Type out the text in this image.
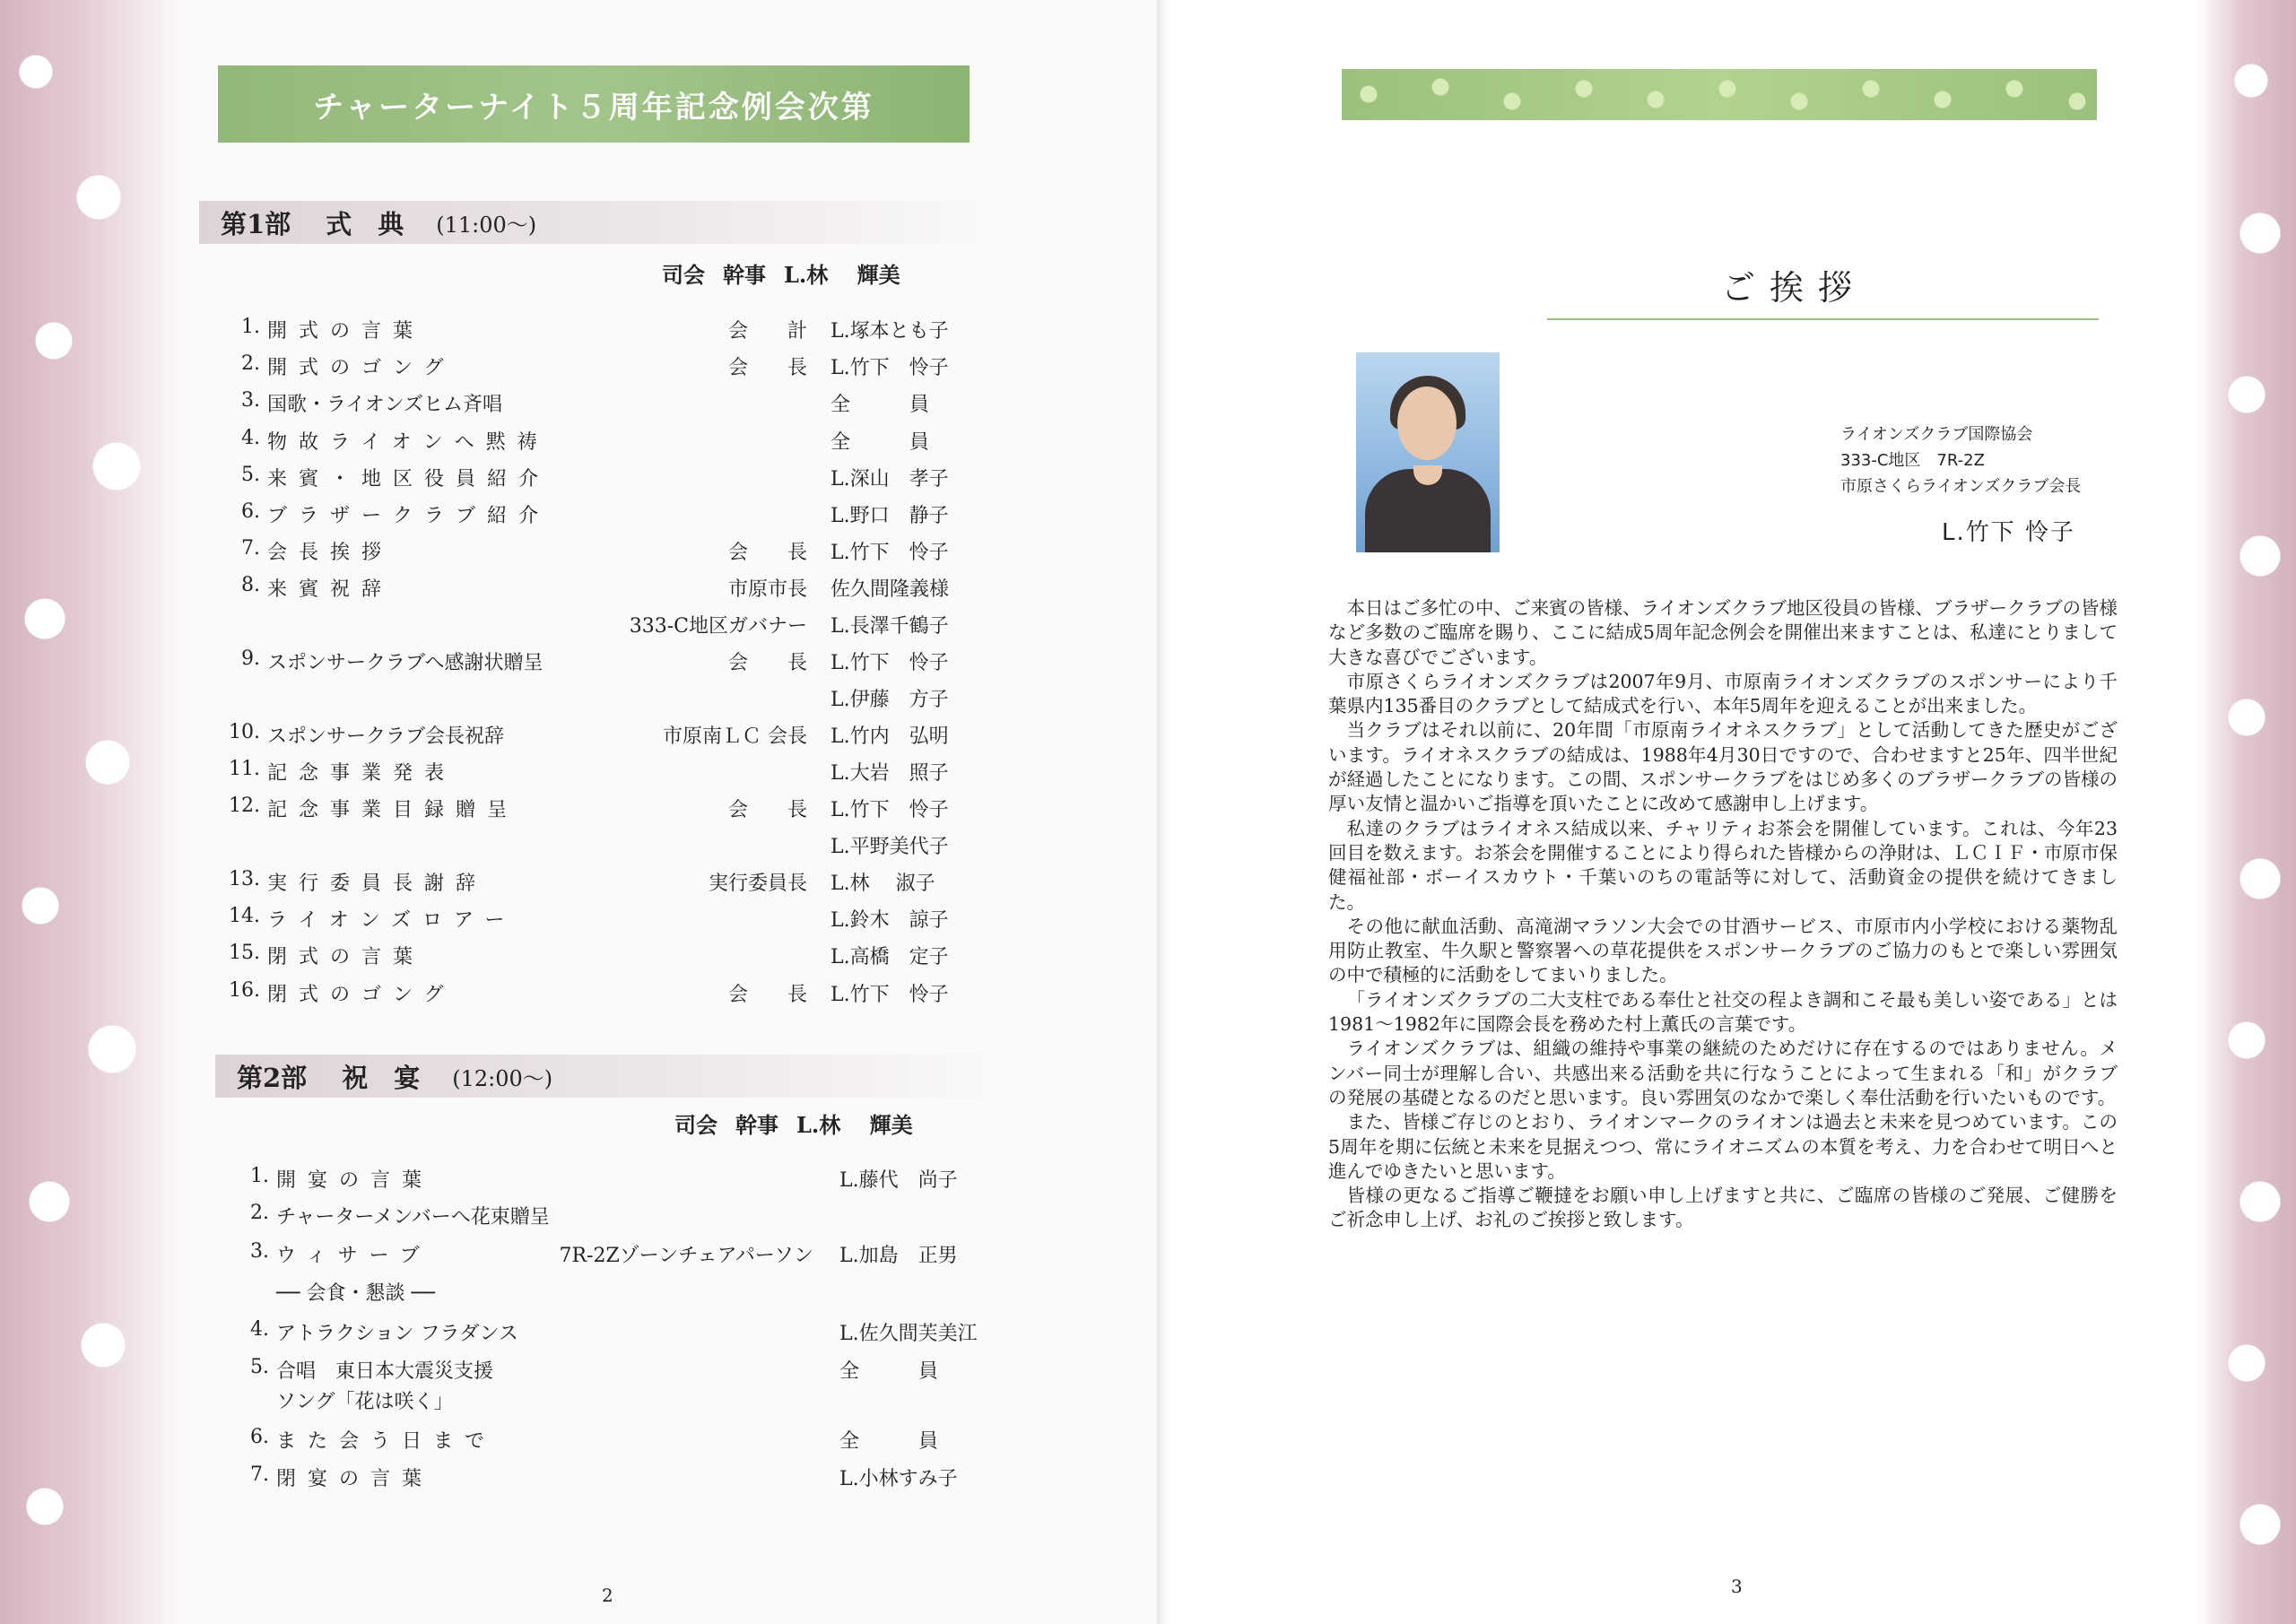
チャーターナイト５周年記念例会次第
第1部　 式　典 (11:00～)
司会 幹事 L.林　 輝美
1. 開式の言葉	会　　計 L.塚本とも子
2. 開式のゴング	会　　長 L.竹下　怜子
3. 国歌・ライオンズヒム斉唱	全　　　員
4. 物故ライオンへ黙祷	全　　　員
5. 来賓・地区役員紹介	L.深山　孝子
6. ブラザークラブ紹介	L.野口　静子
7. 会長挨拶	会　　長 L.竹下　怜子
8. 来賓祝辞	市原市長 佐久間隆義様
333-C地区ガバナー L.長澤千鶴子
9. スポンサークラブへ感謝状贈呈	会　　長 L.竹下　怜子
L.伊藤　方子
10. スポンサークラブ会長祝辞	市原南ＬＣ 会長 L.竹内　弘明
11. 記念事業発表	L.大岩　照子
12. 記念事業目録贈呈	会　　長 L.竹下　怜子
L.平野美代子
13. 実行委員長謝辞	実行委員長 L.林　 淑子
14. ライオンズロアー	L.鈴木　諒子
15. 閉式の言葉	L.高橋　定子
16. 閉式のゴング	会　　長 L.竹下　怜子
第2部　 祝　宴 (12:00～)
司会 幹事 L.林　 輝美
1. 開宴の言葉	L.藤代　尚子
2. チャーターメンバーへ花束贈呈
3. ウィサーブ	7R-2Zゾーンチェアパーソン L.加島　正男
── 会食・懇談 ──
4. アトラクション フラダンス	L.佐久間芙美江
5. 合唱　東日本大震災支援	全　　　員
ソング「花は咲く」
6. また会う日まで	全　　　員
7. 閉宴の言葉	L.小林すみ子
2
ご挨拶
ライオンズクラブ国際協会
333-C地区　7R-2Z
市原さくらライオンズクラブ会長
L.竹下 怜子

本日はご多忙の中、ご来賓の皆様、ライオンズクラブ地区役員の皆様、ブラザークラブの皆様など多数のご臨席を賜り、ここに結成5周年記念例会を開催出来ますことは、私達にとりまして大きな喜びでございます。

市原さくらライオンズクラブは2007年9月、市原南ライオンズクラブのスポンサーにより千葉県内135番目のクラブとして結成式を行い、本年5周年を迎えることが出来ました。

当クラブはそれ以前に、20年間「市原南ライオネスクラブ」として活動してきた歴史がございます。ライオネスクラブの結成は、1988年4月30日ですので、合わせますと25年、四半世紀が経過したことになります。この間、スポンサークラブをはじめ多くのブラザークラブの皆様の厚い友情と温かいご指導を頂いたことに改めて感謝申し上げます。

私達のクラブはライオネス結成以来、チャリティお茶会を開催しています。これは、今年23回目を数えます。お茶会を開催することにより得られた皆様からの浄財は、ＬＣＩＦ・市原市保健福祉部・ボーイスカウト・千葉いのちの電話等に対して、活動資金の提供を続けてきました。

その他に献血活動、高滝湖マラソン大会での甘酒サービス、市原市内小学校における薬物乱用防止教室、牛久駅と警察署への草花提供をスポンサークラブのご協力のもとで楽しい雰囲気の中で積極的に活動をしてまいりました。

「ライオンズクラブの二大支柱である奉仕と社交の程よき調和こそ最も美しい姿である」とは1981～1982年に国際会長を務めた村上薫氏の言葉です。

ライオンズクラブは、組織の維持や事業の継続のためだけに存在するのではありません。メンバー同士が理解し合い、共感出来る活動を共に行なうことによって生まれる「和」がクラブの発展の基礎となるのだと思います。良い雰囲気のなかで楽しく奉仕活動を行いたいものです。

また、皆様ご存じのとおり、ライオンマークのライオンは過去と未来を見つめています。この5周年を期に伝統と未来を見据えつつ、常にライオニズムの本質を考え、力を合わせて明日へと進んでゆきたいと思います。

皆様の更なるご指導ご鞭撻をお願い申し上げますと共に、ご臨席の皆様のご発展、ご健勝をご祈念申し上げ、お礼のご挨拶と致します。

3
